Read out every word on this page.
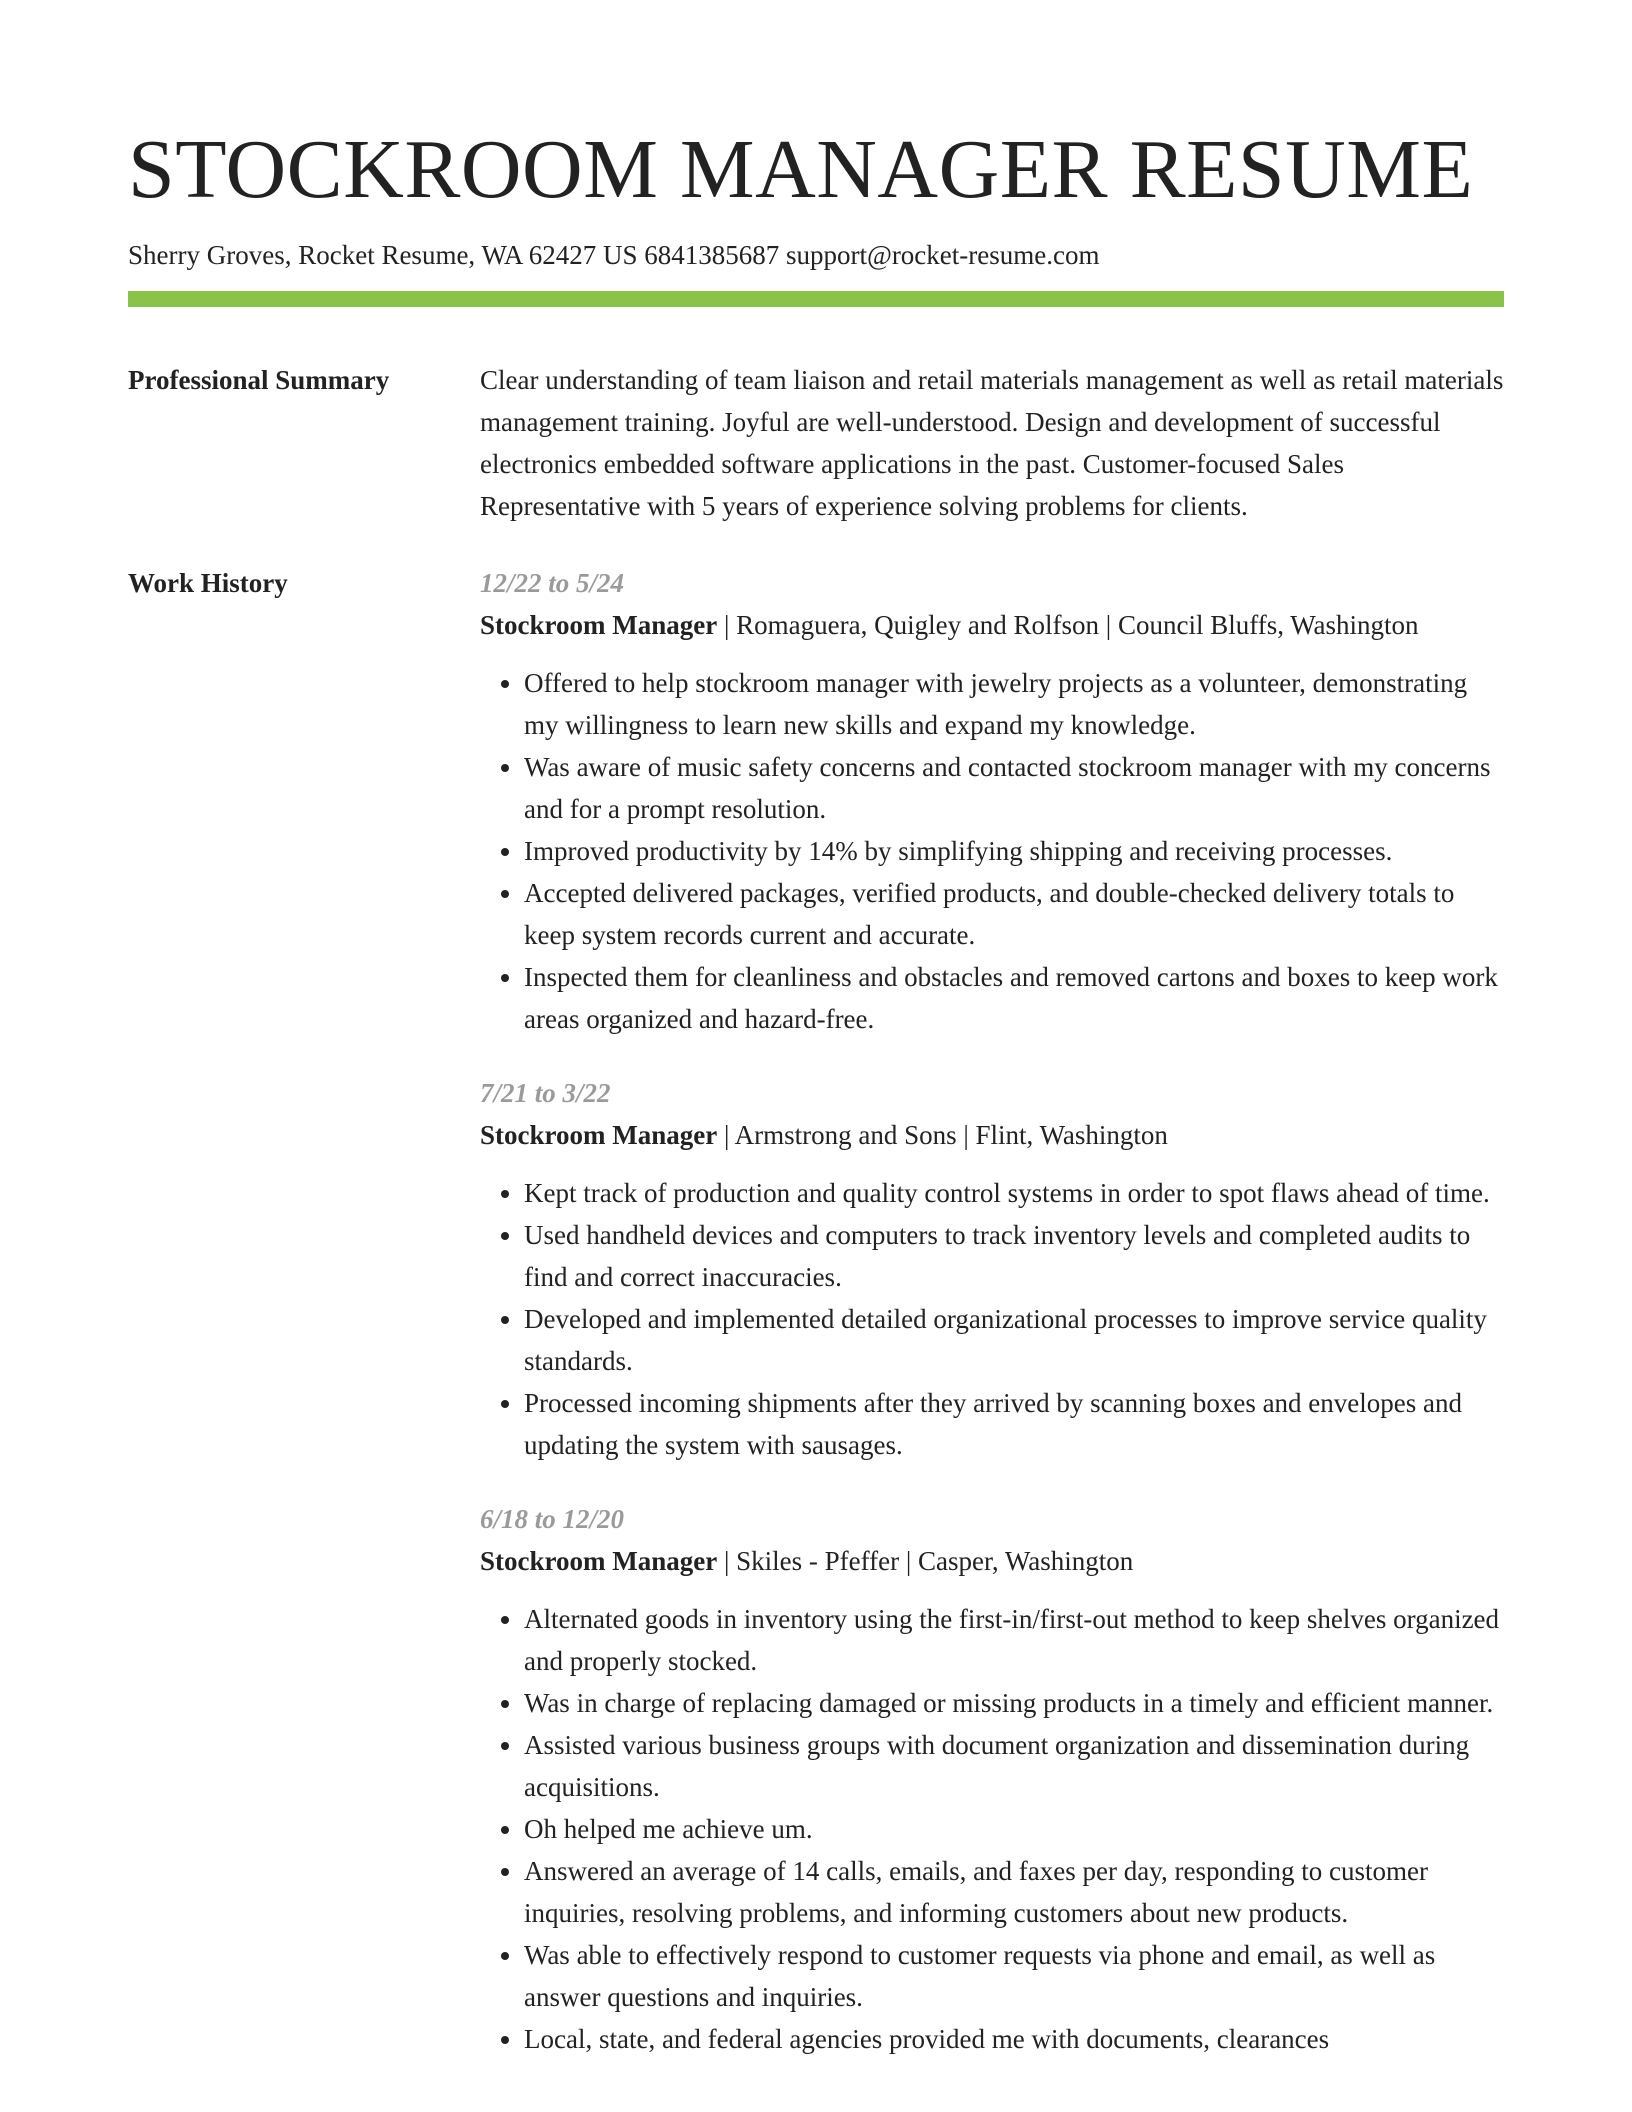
STOCKROOM MANAGER RESUME
Sherry Groves, Rocket Resume, WA 62427 US 6841385687 support@rocket-resume.com
Professional Summary	Clear understanding of team liaison and retail materials management as well as retail materials management training. Joyful are well-understood. Design and development of successful electronics embedded software applications in the past. Customer-focused Sales Representative with 5 years of experience solving problems for clients.

Work History	12/22 to 5/24
Stockroom Manager | Romaguera, Quigley and Rolfson | Council Bluffs, Washington
• Offered to help stockroom manager with jewelry projects as a volunteer, demonstrating my willingness to learn new skills and expand my knowledge.
• Was aware of music safety concerns and contacted stockroom manager with my concerns and for a prompt resolution.
• Improved productivity by 14% by simplifying shipping and receiving processes.
• Accepted delivered packages, verified products, and double-checked delivery totals to keep system records current and accurate.
• Inspected them for cleanliness and obstacles and removed cartons and boxes to keep work areas organized and hazard-free.
7/21 to 3/22
Stockroom Manager | Armstrong and Sons | Flint, Washington
• Kept track of production and quality control systems in order to spot flaws ahead of time.
• Used handheld devices and computers to track inventory levels and completed audits to find and correct inaccuracies.
• Developed and implemented detailed organizational processes to improve service quality standards.
• Processed incoming shipments after they arrived by scanning boxes and envelopes and updating the system with sausages.
6/18 to 12/20
Stockroom Manager | Skiles - Pfeffer | Casper, Washington
• Alternated goods in inventory using the first-in/first-out method to keep shelves organized and properly stocked.
• Was in charge of replacing damaged or missing products in a timely and efficient manner.
• Assisted various business groups with document organization and dissemination during acquisitions.
• Oh helped me achieve um.
• Answered an average of 14 calls, emails, and faxes per day, responding to customer inquiries, resolving problems, and informing customers about new products.
• Was able to effectively respond to customer requests via phone and email, as well as answer questions and inquiries.
• Local, state, and federal agencies provided me with documents, clearances
